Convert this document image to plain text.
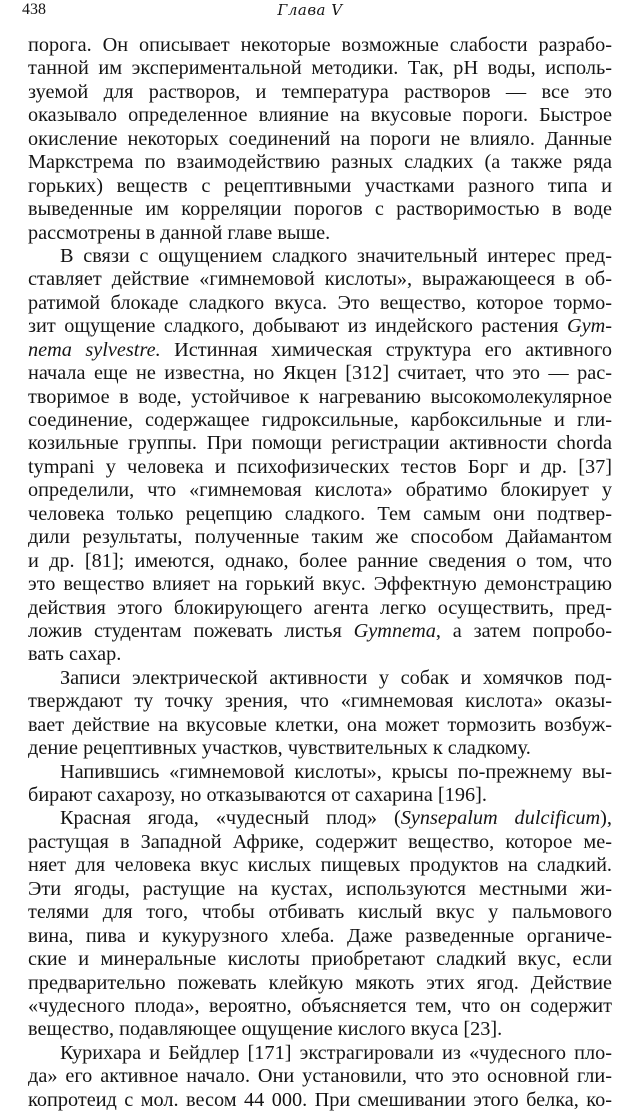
438	Глава V
порога. Он описывает некоторые возможные слабости разрабо-
танной им экспериментальной методики. Так, pH воды, исполь-
зуемой для растворов, и температура растворов — все это
оказывало определенное влияние на вкусовые пороги. Быстрое
окисление некоторых соединений на пороги не влияло. Данные
Маркстрема по взаимодействию разных сладких (а также ряда
горьких) веществ с рецептивными участками разного типа и
выведенные им корреляции порогов с растворимостью в воде
рассмотрены в данной главе выше.
В связи с ощущением сладкого значительный интерес пред-
ставляет действие «гимнемовой кислоты», выражающееся в об-
ратимой блокаде сладкого вкуса. Это вещество, которое тормо-
зит ощущение сладкого, добывают из индейского растения Gym-
nema sylvestre. Истинная химическая структура его активного
начала еще не известна, но Якцен [312] считает, что это — рас-
творимое в воде, устойчивое к нагреванию высокомолекулярное
соединение, содержащее гидроксильные, карбоксильные и гли-
козильные группы. При помощи регистрации активности chorda
tympani у человека и психофизических тестов Борг и др. [37]
определили, что «гимнемовая кислота» обратимо блокирует у
человека только рецепцию сладкого. Тем самым они подтвер-
дили результаты, полученные таким же способом Дайамантом
и др. [81]; имеются, однако, более ранние сведения о том, что
это вещество влияет на горький вкус. Эффектную демонстрацию
действия этого блокирующего агента легко осуществить, пред-
ложив студентам пожевать листья Gymnema, а затем попробо-
вать сахар.
Записи электрической активности у собак и хомячков под-
тверждают ту точку зрения, что «гимнемовая кислота» оказы-
вает действие на вкусовые клетки, она может тормозить возбуж-
дение рецептивных участков, чувствительных к сладкому.
Напившись «гимнемовой кислоты», крысы по-прежнему вы-
бирают сахарозу, но отказываются от сахарина [196].
Красная ягода, «чудесный плод» (Synsepalum dulcificum),
растущая в Западной Африке, содержит вещество, которое ме-
няет для человека вкус кислых пищевых продуктов на сладкий.
Эти ягоды, растущие на кустах, используются местными жи-
телями для того, чтобы отбивать кислый вкус у пальмового
вина, пива и кукурузного хлеба. Даже разведенные органиче-
ские и минеральные кислоты приобретают сладкий вкус, если
предварительно пожевать клейкую мякоть этих ягод. Действие
«чудесного плода», вероятно, объясняется тем, что он содержит
вещество, подавляющее ощущение кислого вкуса [23].
Курихара и Бейдлер [171] экстрагировали из «чудесного пло-
да» его активное начало. Они установили, что это основной гли-
копротеид с мол. весом 44 000. При смешивании этого белка, ко-
